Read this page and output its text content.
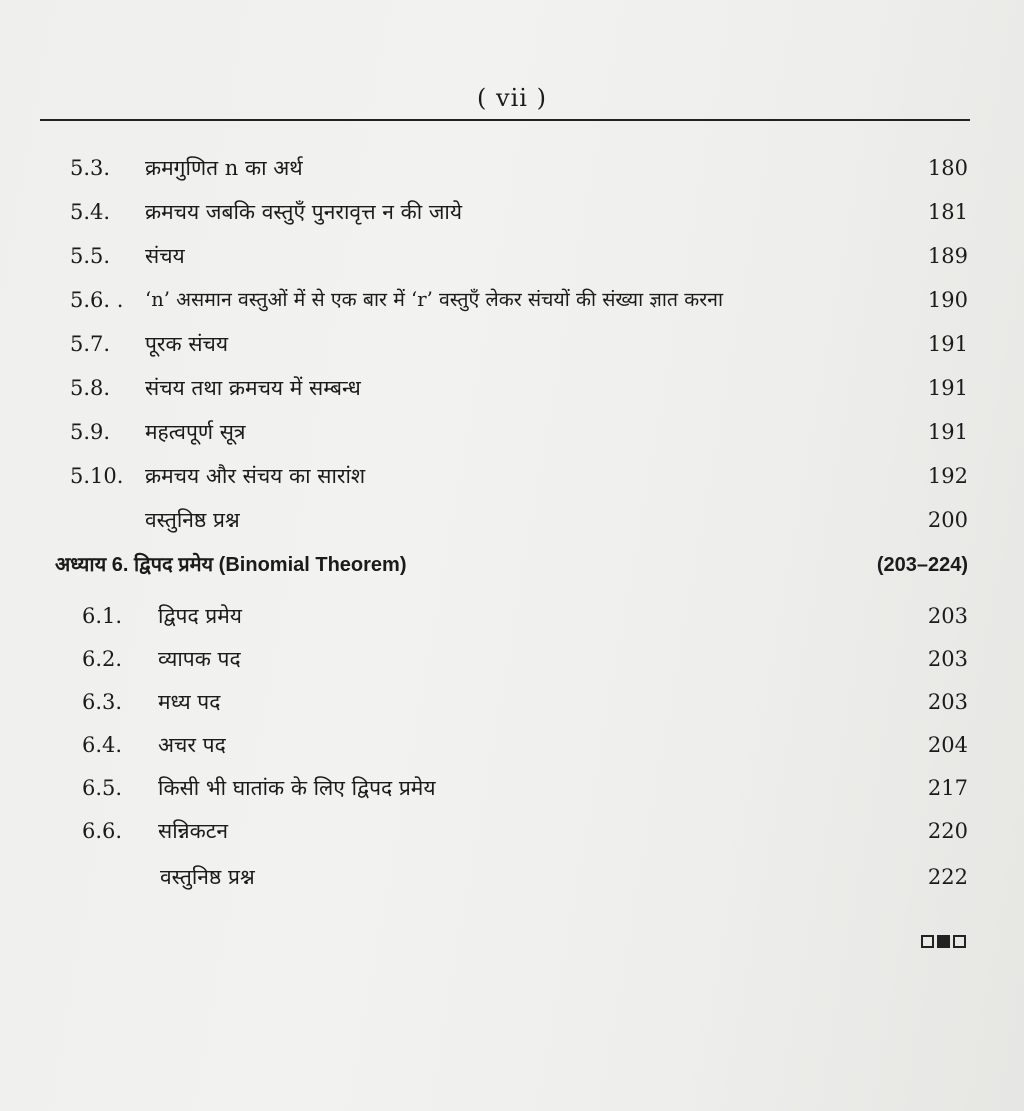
( vii )
5.3.	क्रमगुणित n का अर्थ	180
5.4.	क्रमचय जबकि वस्तुएँ पुनरावृत्त न की जाये	181
5.5.	संचय	189
5.6. .	‘n’ असमान वस्तुओं में से एक बार में ‘r’ वस्तुएँ लेकर संचयों की संख्या ज्ञात करना	190
5.7.	पूरक संचय	191
5.8.	संचय तथा क्रमचय में सम्बन्ध	191
5.9.	महत्वपूर्ण सूत्र	191
5.10.	क्रमचय और संचय का सारांश	192
वस्तुनिष्ठ प्रश्न	200
अध्याय 6. द्विपद प्रमेय (Binomial Theorem)	(203–224)
6.1.	द्विपद प्रमेय	203
6.2.	व्यापक पद	203
6.3.	मध्य पद	203
6.4.	अचर पद	204
6.5.	किसी भी घातांक के लिए द्विपद प्रमेय	217
6.6.	सन्निकटन	220
वस्तुनिष्ठ प्रश्न	222
